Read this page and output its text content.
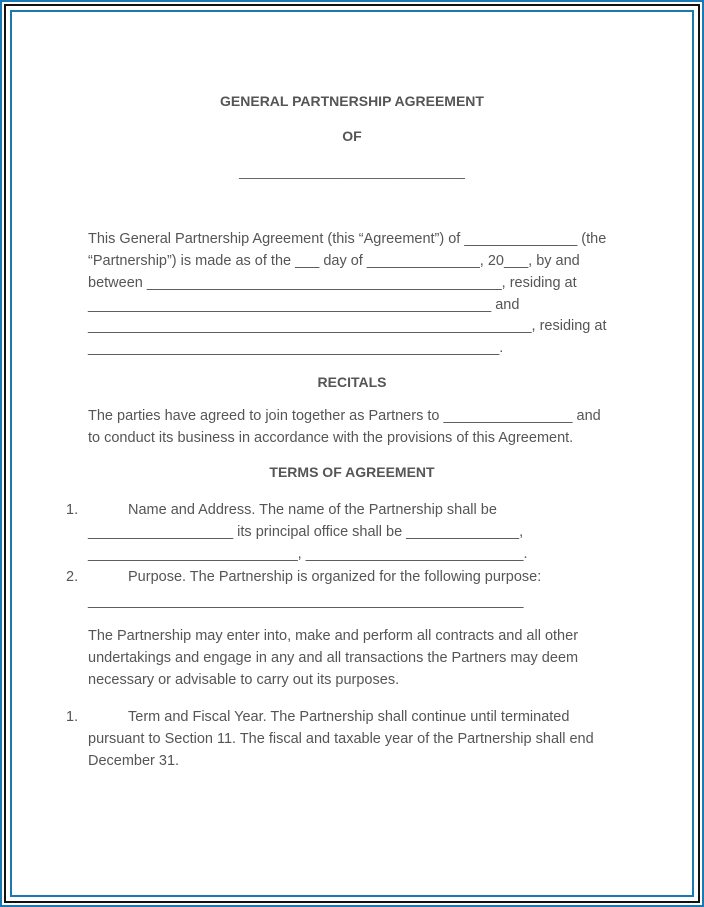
GENERAL PARTNERSHIP AGREEMENT
OF
_____________________________
This General Partnership Agreement (this “Agreement”) of ______________ (the
“Partnership”) is made as of the ___ day of ______________, 20___, by and
between ____________________________________________, residing at
__________________________________________________ and
_______________________________________________________, residing at
___________________________________________________.
RECITALS
The parties have agreed to join together as Partners to ________________ and
to conduct its business in accordance with the provisions of this Agreement.
TERMS OF AGREEMENT
1.	Name and Address. The name of the Partnership shall be
__________________ its principal office shall be ______________,
__________________________, ___________________________.
2.	Purpose. The Partnership is organized for the following purpose:
______________________________________________________
The Partnership may enter into, make and perform all contracts and all other
undertakings and engage in any and all transactions the Partners may deem
necessary or advisable to carry out its purposes.
1.	Term and Fiscal Year. The Partnership shall continue until terminated
pursuant to Section 11. The fiscal and taxable year of the Partnership shall end
December 31.
